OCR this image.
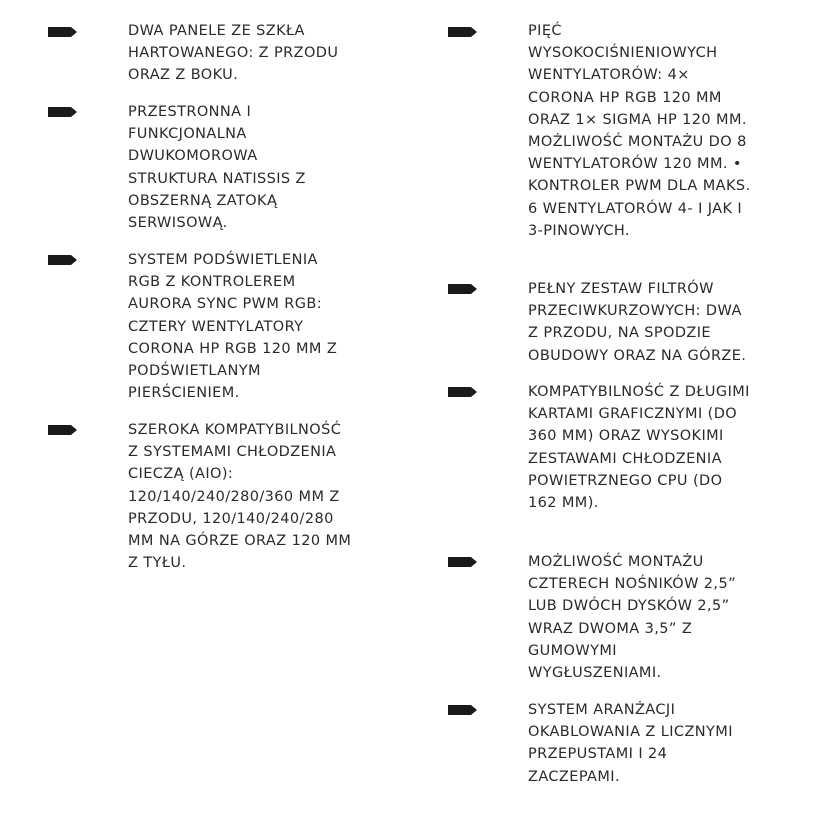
DWA PANELE ZE SZKŁA HARTOWANEGO: Z PRZODU ORAZ Z BOKU.
PRZESTRONNA I FUNKCJONALNA DWUKOMOROWA STRUKTURA NATISSIS Z OBSZERNĄ ZATOKĄ SERWISOWĄ.
SYSTEM PODŚWIETLENIA RGB Z KONTROLEREM AURORA SYNC PWM RGB: CZTERY WENTYLATORY CORONA HP RGB 120 MM Z PODŚWIETLANYM PIERŚCIENIEM.
SZEROKA KOMPATYBILNOŚĆ Z SYSTEMAMI CHŁODZENIA CIECZĄ (AIO): 120/140/240/280/360 MM Z PRZODU, 120/140/240/280 MM NA GÓRZE ORAZ 120 MM Z TYŁU.
PIĘĆ WYSOKOCIŚNIENIOWYCH WENTYLATORÓW: 4× CORONA HP RGB 120 MM ORAZ 1× SIGMA HP 120 MM. MOŻLIWOŚĆ MONTAŻU DO 8 WENTYLATORÓW 120 MM. • KONTROLER PWM DLA MAKS. 6 WENTYLATORÓW 4- I JAK I 3-PINOWYCH.
PEŁNY ZESTAW FILTRÓW PRZECIWKURZOWYCH: DWA Z PRZODU, NA SPODZIE OBUDOWY ORAZ NA GÓRZE.
KOMPATYBILNOŚĆ Z DŁUGIMI KARTAMI GRAFICZNYMI (DO 360 MM) ORAZ WYSOKIMI ZESTAWAMI CHŁODZENIA POWIETRZNEGO CPU (DO 162 MM).
MOŻLIWOŚĆ MONTAŻU CZTERECH NOŚNIKÓW 2,5” LUB DWÓCH DYSKÓW 2,5” WRAZ DWOMA 3,5” Z GUMOWYMI WYGŁUSZENIAMI.
SYSTEM ARANŻACJI OKABLOWANIA Z LICZNYMI PRZEPUSTAMI I 24 ZACZEPAMI.
